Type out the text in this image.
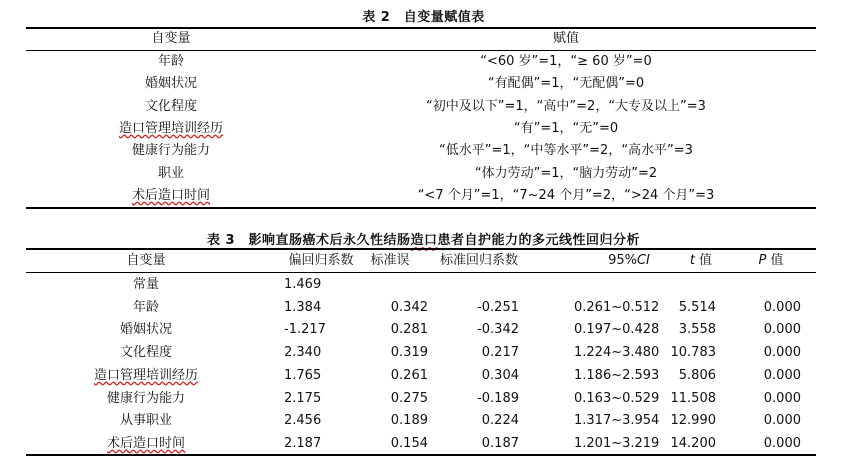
表 2　自变量赋值表
自变量	赋值
年龄	“<60 岁”=1，“≥ 60 岁”=0
婚姻状况	“有配偶”=1，“无配偶”=0
文化程度	“初中及以下”=1，“高中”=2，“大专及以上”=3
造口管理培训经历	“有”=1，“无”=0
健康行为能力	“低水平”=1，“中等水平”=2，“高水平”=3
职业	“体力劳动”=1，“脑力劳动”=2
术后造口时间	“<7 个月”=1，“7~24 个月”=2，“>24 个月”=3
表 3　影响直肠癌术后永久性结肠造口患者自护能力的多元线性回归分析
自变量	偏回归系数	标准误	标准回归系数	95%CI	t 值	P 值
常量	1.469
年龄	1.384	0.342	-0.251	0.261~0.512	5.514	0.000
婚姻状况	-1.217	0.281	-0.342	0.197~0.428	3.558	0.000
文化程度	2.340	0.319	0.217	1.224~3.480 10.783	0.000
造口管理培训经历	1.765	0.261	0.304	1.186~2.593	5.806	0.000
健康行为能力	2.175	0.275	-0.189	0.163~0.529 11.508	0.000
从事职业	2.456	0.189	0.224	1.317~3.954 12.990	0.000
术后造口时间	2.187	0.154	0.187	1.201~3.219 14.200	0.000
